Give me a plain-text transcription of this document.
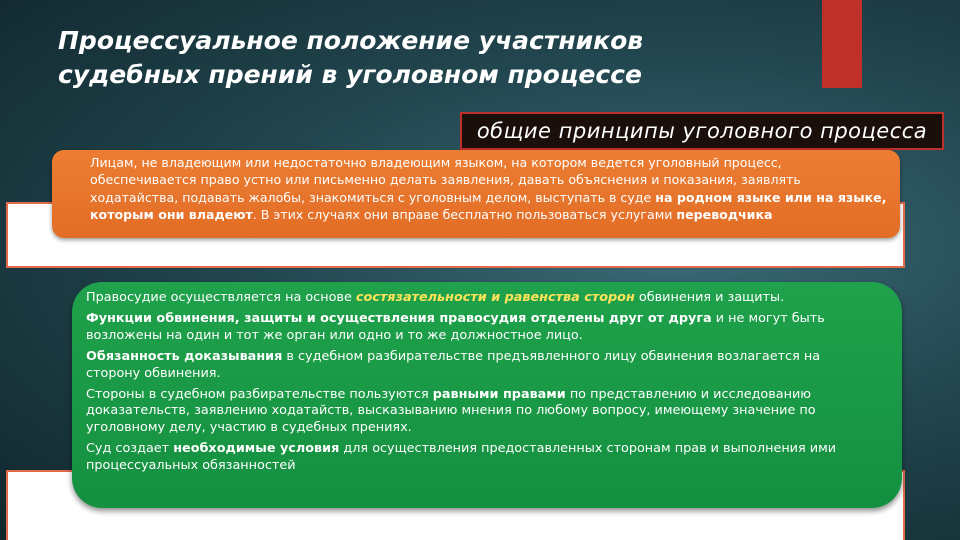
Процессуальное положение участников
судебных прений в уголовном процессе
общие принципы уголовного процесса
Лицам, не владеющим или недостаточно владеющим языком, на котором ведется уголовный процесс, обеспечивается право устно или письменно делать заявления, давать объяснения и показания, заявлять ходатайства, подавать жалобы, знакомиться с уголовным делом, выступать в суде на родном языке или на языке, которым они владеют. В этих случаях они вправе бесплатно пользоваться услугами переводчика

Правосудие осуществляется на основе состязательности и равенства сторон обвинения и защиты.

Функции обвинения, защиты и осуществления правосудия отделены друг от друга и не могут быть возложены на один и тот же орган или одно и то же должностное лицо.

Обязанность доказывания в судебном разбирательстве предъявленного лицу обвинения возлагается на сторону обвинения.

Стороны в судебном разбирательстве пользуются равными правами по представлению и исследованию доказательств, заявлению ходатайств, высказыванию мнения по любому вопросу, имеющему значение по уголовному делу, участию в судебных прениях.

Суд создает необходимые условия для осуществления предоставленных сторонам прав и выполнения ими процессуальных обязанностей
